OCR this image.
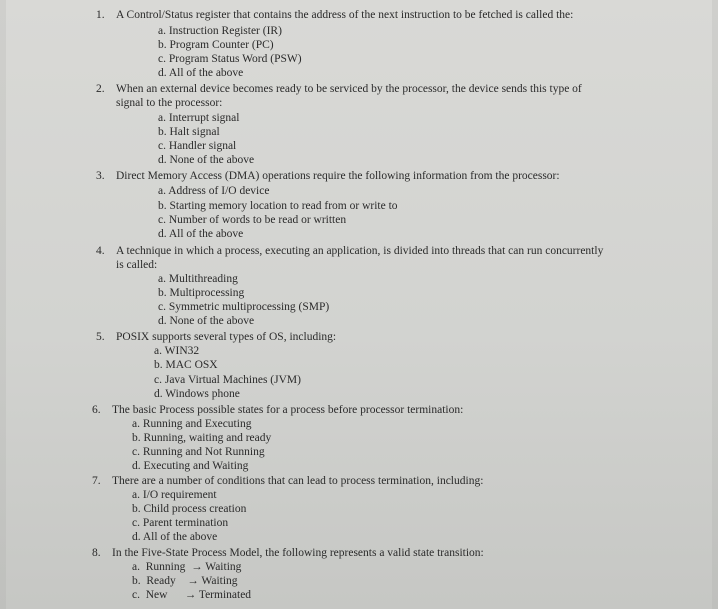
1. A Control/Status register that contains the address of the next instruction to be fetched is called the:
a. Instruction Register (IR)
b. Program Counter (PC)
c. Program Status Word (PSW)
d. All of the above
2. When an external device becomes ready to be serviced by the processor, the device sends this type of
signal to the processor:
a. Interrupt signal
b. Halt signal
c. Handler signal
d. None of the above
3. Direct Memory Access (DMA) operations require the following information from the processor:
a. Address of I/O device
b. Starting memory location to read from or write to
c. Number of words to be read or written
d. All of the above
4. A technique in which a process, executing an application, is divided into threads that can run concurrently
is called:
a. Multithreading
b. Multiprocessing
c. Symmetric multiprocessing (SMP)
d. None of the above
5. POSIX supports several types of OS, including:
a. WIN32
b. MAC OSX
c. Java Virtual Machines (JVM)
d. Windows phone
6. The basic Process possible states for a process before processor termination:
a. Running and Executing
b. Running, waiting and ready
c. Running and Not Running
d. Executing and Waiting
7. There are a number of conditions that can lead to process termination, including:
a. I/O requirement
b. Child process creation
c. Parent termination
d. All of the above
8. In the Five-State Process Model, the following represents a valid state transition:
a.  Running  → Waiting
b.  Ready    → Waiting
c.  New      → Terminated
